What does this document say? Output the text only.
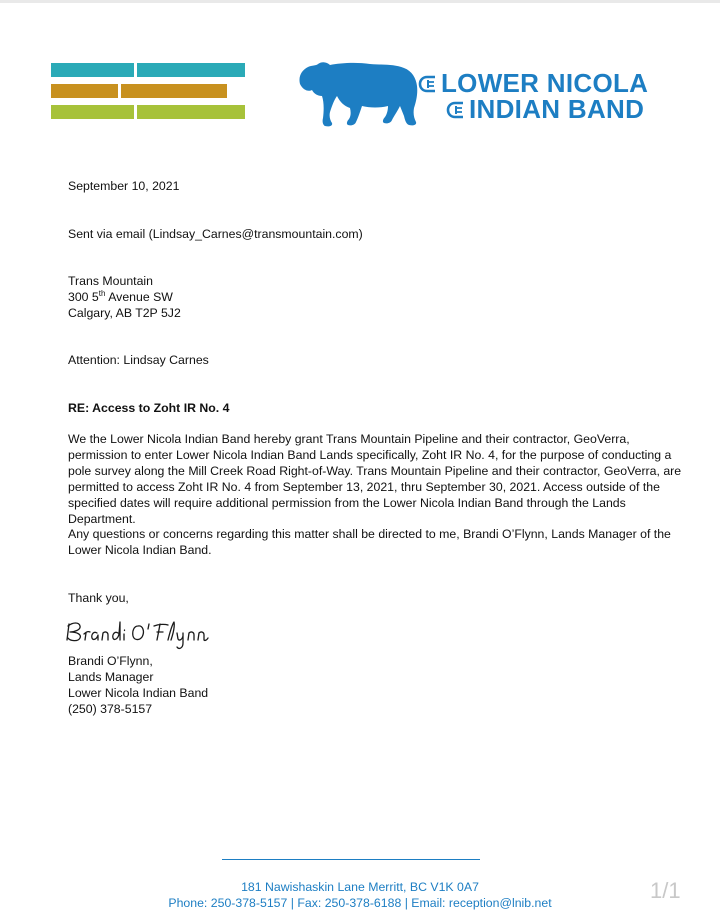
LOWER NICOLA
INDIAN BAND
September 10, 2021
Sent via email (Lindsay_Carnes@transmountain.com)
Trans Mountain
300 5th Avenue SW
Calgary, AB T2P 5J2
Attention: Lindsay Carnes
RE: Access to Zoht IR No. 4
We the Lower Nicola Indian Band hereby grant Trans Mountain Pipeline and their contractor, GeoVerra, permission to enter Lower Nicola Indian Band Lands specifically, Zoht IR No. 4, for the purpose of conducting a pole survey along the Mill Creek Road Right-of-Way. Trans Mountain Pipeline and their contractor, GeoVerra, are permitted to access Zoht IR No. 4 from September 13, 2021, thru September 30, 2021. Access outside of the specified dates will require additional permission from the Lower Nicola Indian Band through the Lands Department.
Any questions or concerns regarding this matter shall be directed to me, Brandi O’Flynn, Lands Manager of the Lower Nicola Indian Band.
Thank you,
Brandi O’Flynn,
Lands Manager
Lower Nicola Indian Band
(250) 378-5157
181 Nawishaskin Lane Merritt, BC V1K 0A7
Phone: 250-378-5157 | Fax: 250-378-6188 | Email: reception@lnib.net	1/1
